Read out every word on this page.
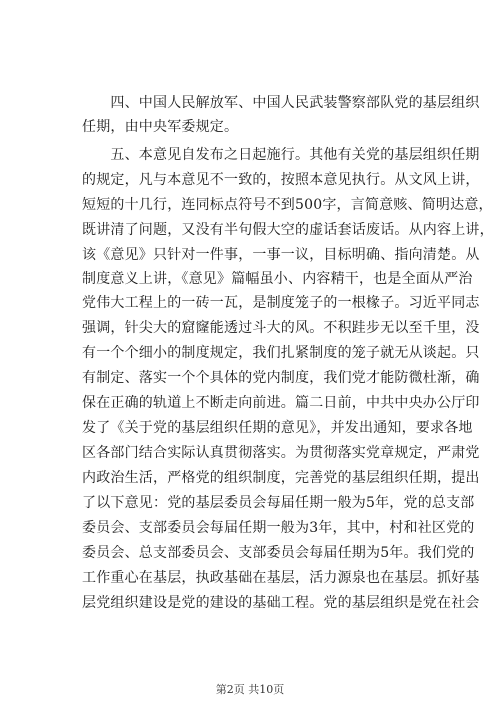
　　四、中国人民解放军、中国人民武装警察部队党的基层组织
任期，由中央军委规定。
　　五、本意见自发布之日起施行。其他有关党的基层组织任期
的规定，凡与本意见不一致的，按照本意见执行。从文风上讲，
短短的十几行，连同标点符号不到500字，言简意赅、简明达意，
既讲清了问题，又没有半句假大空的虚话套话废话。从内容上讲，
该《意见》只针对一件事，一事一议，目标明确、指向清楚。从
制度意义上讲，《意见》篇幅虽小、内容精干，也是全面从严治
党伟大工程上的一砖一瓦，是制度笼子的一根椽子。习近平同志
强调，针尖大的窟窿能透过斗大的风。不积跬步无以至千里，没
有一个个细小的制度规定，我们扎紧制度的笼子就无从谈起。只
有制定、落实一个个具体的党内制度，我们党才能防微杜渐，确
保在正确的轨道上不断走向前进。篇二日前，中共中央办公厅印
发了《关于党的基层组织任期的意见》，并发出通知，要求各地
区各部门结合实际认真贯彻落实。为贯彻落实党章规定，严肃党
内政治生活，严格党的组织制度，完善党的基层组织任期，提出
了以下意见：党的基层委员会每届任期一般为5年，党的总支部
委员会、支部委员会每届任期一般为3年，其中，村和社区党的
委员会、总支部委员会、支部委员会每届任期为5年。我们党的
工作重心在基层，执政基础在基层，活力源泉也在基层。抓好基
层党组织建设是党的建设的基础工程。党的基层组织是党在社会
第2页 共10页
